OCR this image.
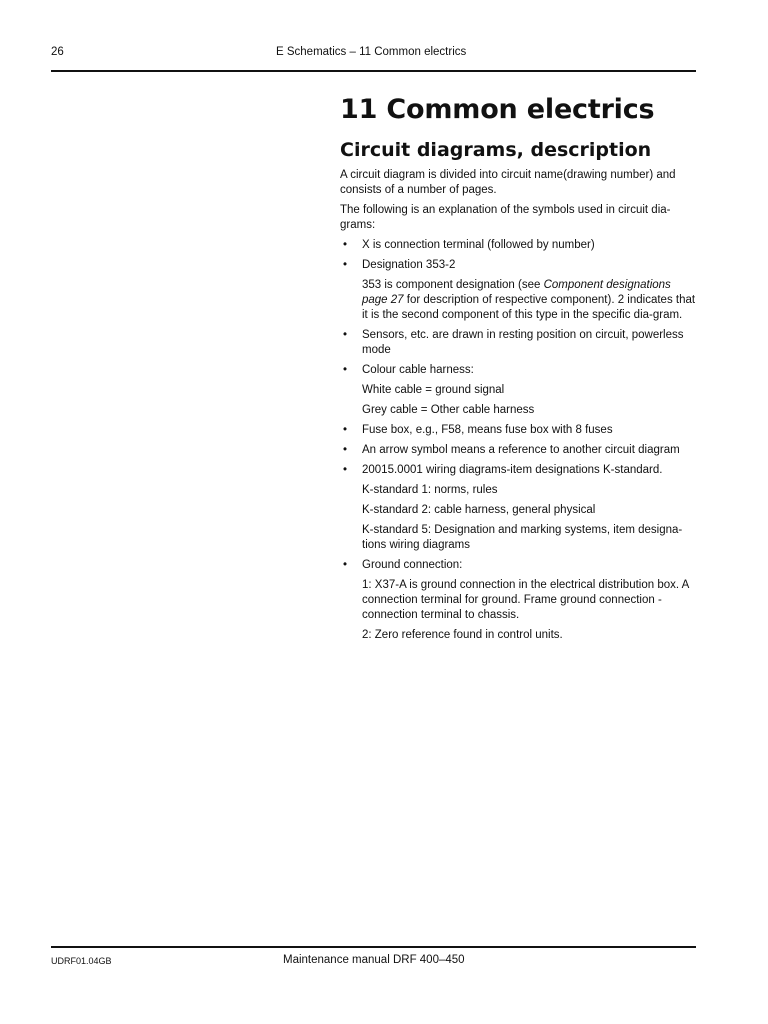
26	E Schematics – 11 Common electrics
11 Common electrics
Circuit diagrams, description

A circuit diagram is divided into circuit name(drawing number) and consists of a number of pages.

The following is an explanation of the symbols used in circuit dia-grams:

• X is connection terminal (followed by number)
• Designation 353-2

353 is component designation (see Component designations page 27 for description of respective component). 2 indicates that it is the second component of this type in the specific dia-gram.

• Sensors, etc. are drawn in resting position on circuit, powerless mode
• Colour cable harness:

White cable = ground signal

Grey cable = Other cable harness

• Fuse box, e.g., F58, means fuse box with 8 fuses
• An arrow symbol means a reference to another circuit diagram
• 20015.0001 wiring diagrams-item designations K-standard.

K-standard 1: norms, rules

K-standard 2: cable harness, general physical

K-standard 5: Designation and marking systems, item designa-tions wiring diagrams

• Ground connection:

1: X37-A is ground connection in the electrical distribution box. A connection terminal for ground. Frame ground connection - connection terminal to chassis.

2: Zero reference found in control units.

UDRF01.04GB	Maintenance manual DRF 400–450
